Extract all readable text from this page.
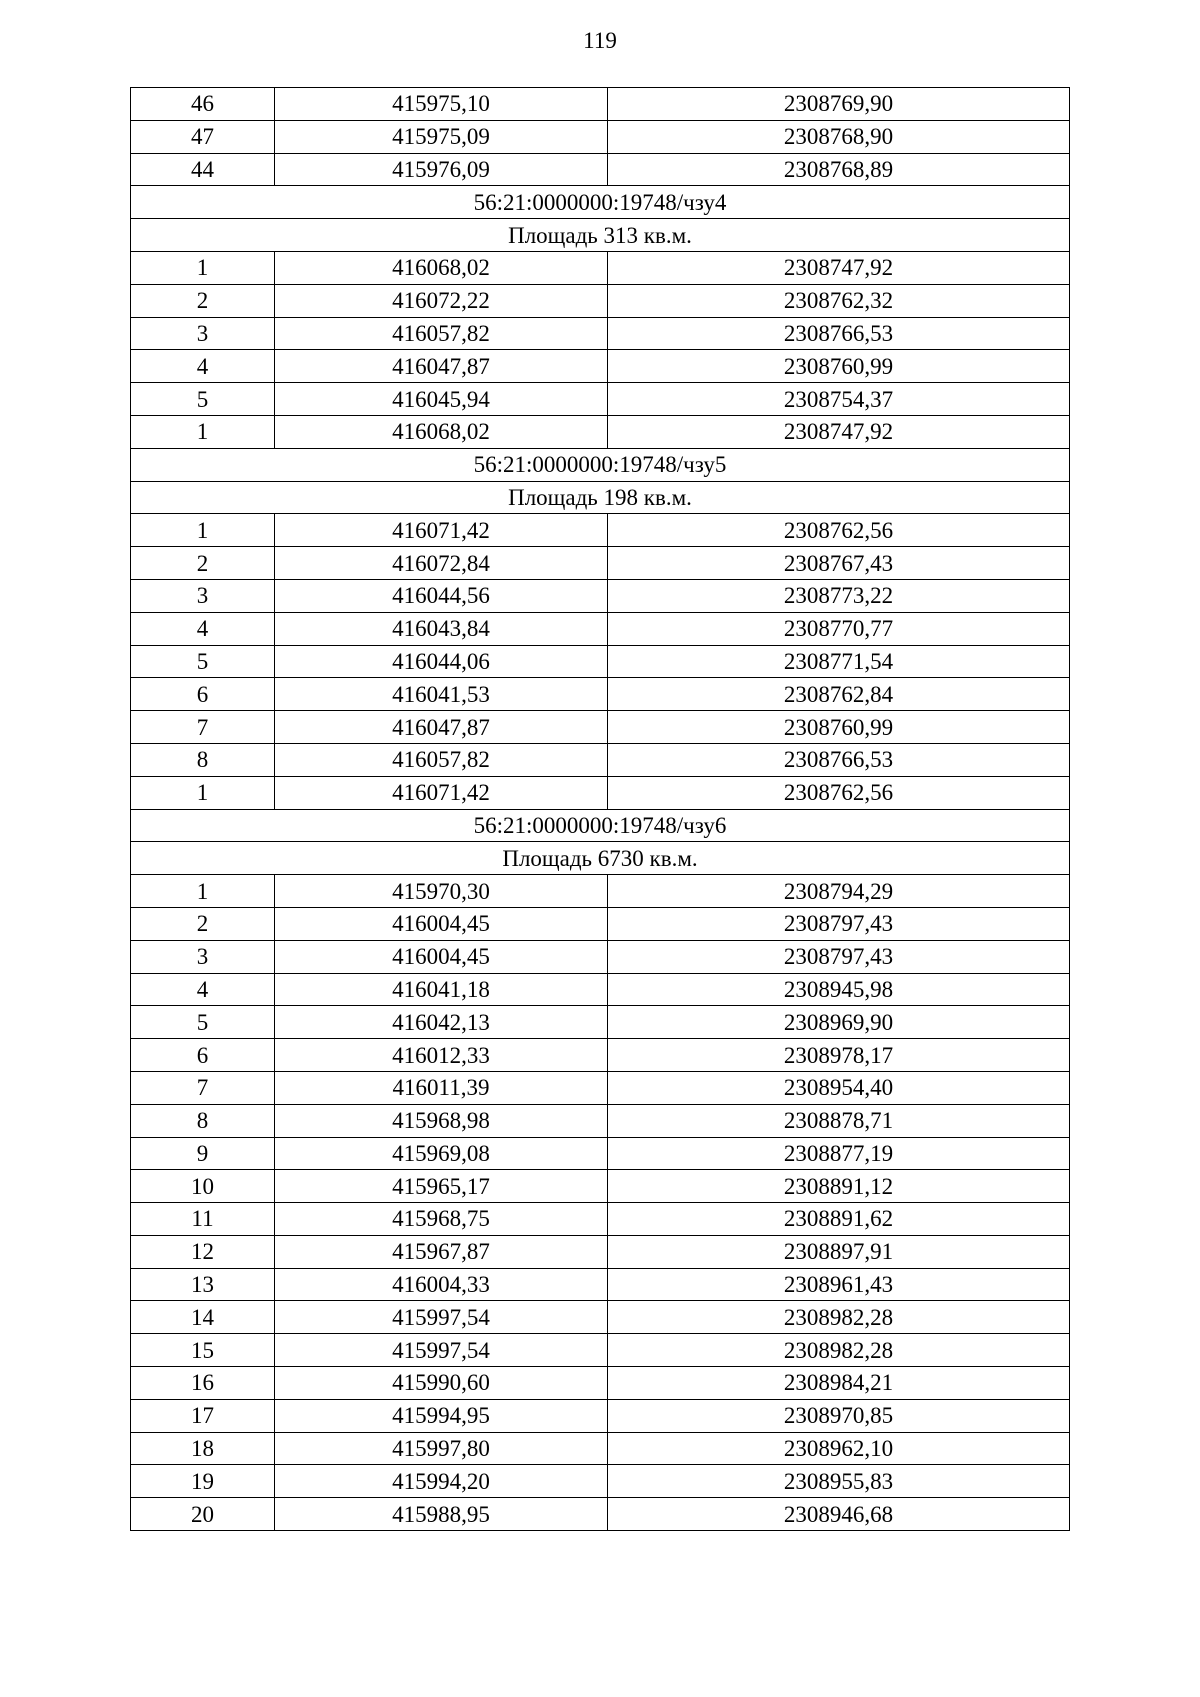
119
46	415975,10	2308769,90
47	415975,09	2308768,90
44	415976,09	2308768,89
56:21:0000000:19748/чзу4		
Площадь 313 кв.м.		
1	416068,02	2308747,92
2	416072,22	2308762,32
3	416057,82	2308766,53
4	416047,87	2308760,99
5	416045,94	2308754,37
1	416068,02	2308747,92
56:21:0000000:19748/чзу5		
Площадь 198 кв.м.		
1	416071,42	2308762,56
2	416072,84	2308767,43
3	416044,56	2308773,22
4	416043,84	2308770,77
5	416044,06	2308771,54
6	416041,53	2308762,84
7	416047,87	2308760,99
8	416057,82	2308766,53
1	416071,42	2308762,56
56:21:0000000:19748/чзу6		
Площадь 6730 кв.м.		
1	415970,30	2308794,29
2	416004,45	2308797,43
3	416004,45	2308797,43
4	416041,18	2308945,98
5	416042,13	2308969,90
6	416012,33	2308978,17
7	416011,39	2308954,40
8	415968,98	2308878,71
9	415969,08	2308877,19
10	415965,17	2308891,12
11	415968,75	2308891,62
12	415967,87	2308897,91
13	416004,33	2308961,43
14	415997,54	2308982,28
15	415997,54	2308982,28
16	415990,60	2308984,21
17	415994,95	2308970,85
18	415997,80	2308962,10
19	415994,20	2308955,83
20	415988,95	2308946,68
